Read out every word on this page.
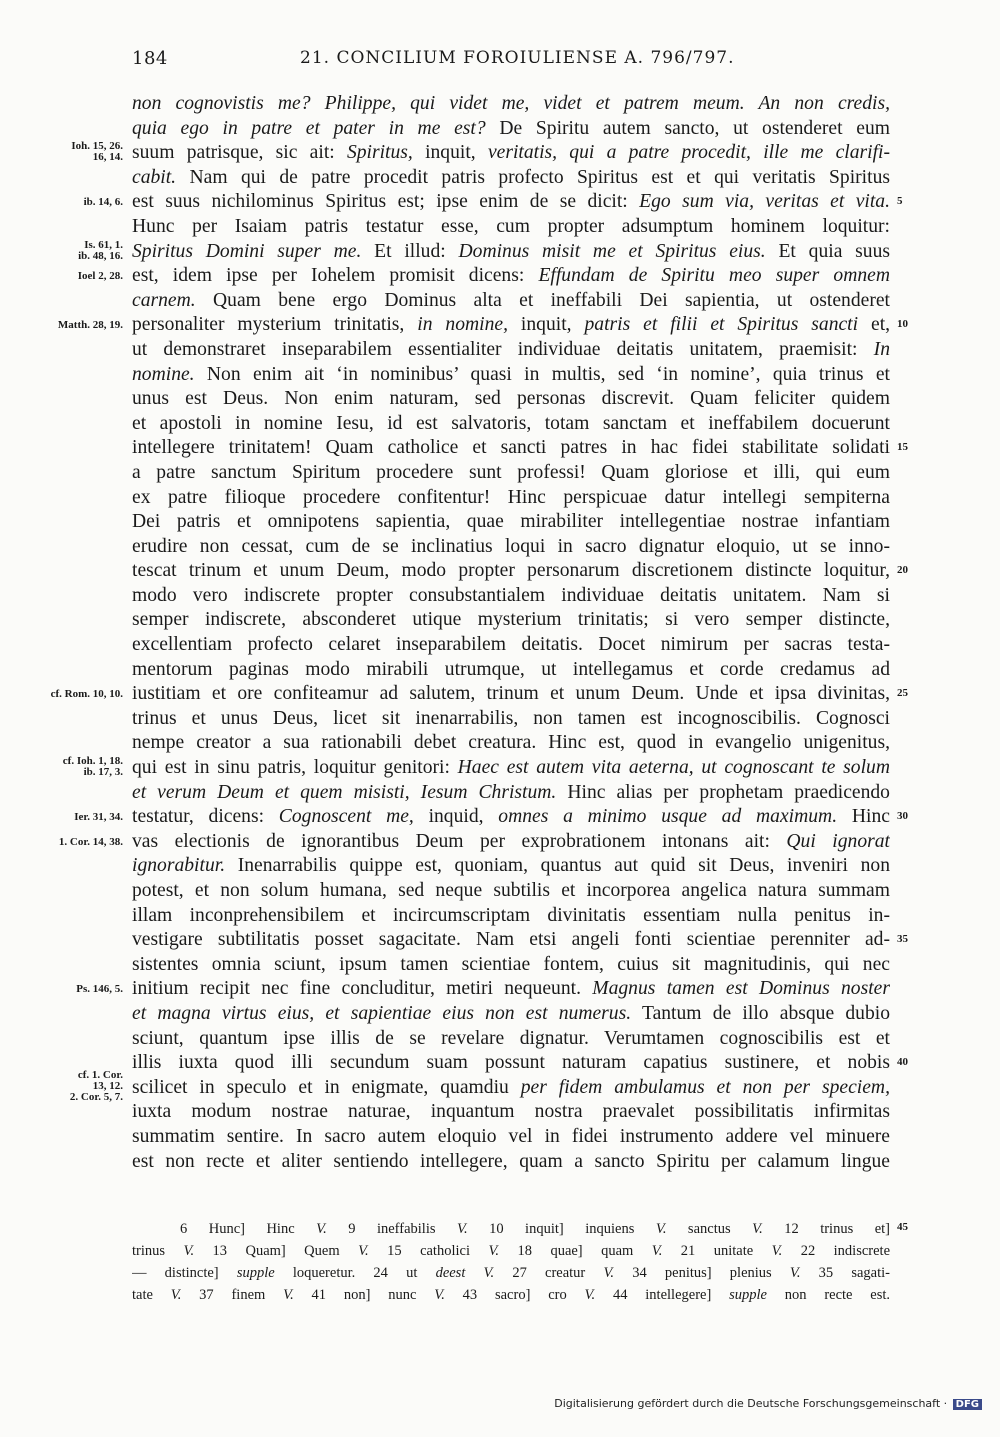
184	21. CONCILIUM FOROIULIENSE A. 796/797.
non cognovistis me? Philippe, qui videt me, videt et patrem meum. An non credis,
quia ego in patre et pater in me est? De Spiritu autem sancto, ut ostenderet eum
Ioh. 15, 26.
16, 14. suum patrisque, sic ait: Spiritus, inquit, veritatis, qui a patre procedit, ille me clarifi-
cabit. Nam qui de patre procedit patris profecto Spiritus est et qui veritatis Spiritus
ib. 14, 6. est suus nichilominus Spiritus est; ipse enim de se dicit: Ego sum via, veritas et vita. 5
Hunc per Isaiam patris testatur esse, cum propter adsumptum hominem loquitur:
Is. 61, 1.
ib. 48, 16. Spiritus Domini super me. Et illud: Dominus misit me et Spiritus eius. Et quia suus
Ioel 2, 28. est, idem ipse per Iohelem promisit dicens: Effundam de Spiritu meo super omnem
carnem. Quam bene ergo Dominus alta et ineffabili Dei sapientia, ut ostenderet
Matth. 28, 19. personaliter mysterium trinitatis, in nomine, inquit, patris et filii et Spiritus sancti et, 10
ut demonstraret inseparabilem essentialiter individuae deitatis unitatem, praemisit: In
nomine. Non enim ait ‘in nominibus’ quasi in multis, sed ‘in nomine’, quia trinus et
unus est Deus. Non enim naturam, sed personas discrevit. Quam feliciter quidem
et apostoli in nomine Iesu, id est salvatoris, totam sanctam et ineffabilem docuerunt
intellegere trinitatem! Quam catholice et sancti patres in hac fidei stabilitate solidati 15
a patre sanctum Spiritum procedere sunt professi! Quam gloriose et illi, qui eum
ex patre filioque procedere confitentur! Hinc perspicuae datur intellegi sempiterna
Dei patris et omnipotens sapientia, quae mirabiliter intellegentiae nostrae infantiam
erudire non cessat, cum de se inclinatius loqui in sacro dignatur eloquio, ut se inno-
tescat trinum et unum Deum, modo propter personarum discretionem distincte loquitur, 20
modo vero indiscrete propter consubstantialem individuae deitatis unitatem. Nam si
semper indiscrete, absconderet utique mysterium trinitatis; si vero semper distincte,
excellentiam profecto celaret inseparabilem deitatis. Docet nimirum per sacras testa-
mentorum paginas modo mirabili utrumque, ut intellegamus et corde credamus ad
cf. Rom. 10, 10. iustitiam et ore confiteamur ad salutem, trinum et unum Deum. Unde et ipsa divinitas, 25
trinus et unus Deus, licet sit inenarrabilis, non tamen est incognoscibilis. Cognosci
nempe creator a sua rationabili debet creatura. Hinc est, quod in evangelio unigenitus,
cf. Ioh. 1, 18.
ib. 17, 3. qui est in sinu patris, loquitur genitori: Haec est autem vita aeterna, ut cognoscant te solum
et verum Deum et quem misisti, Iesum Christum. Hinc alias per prophetam praedicendo
Ier. 31, 34. testatur, dicens: Cognoscent me, inquid, omnes a minimo usque ad maximum. Hinc 30
1. Cor. 14, 38. vas electionis de ignorantibus Deum per exprobrationem intonans ait: Qui ignorat
ignorabitur. Inenarrabilis quippe est, quoniam, quantus aut quid sit Deus, inveniri non
potest, et non solum humana, sed neque subtilis et incorporea angelica natura summam
illam inconprehensibilem et incircumscriptam divinitatis essentiam nulla penitus in-
vestigare subtilitatis posset sagacitate. Nam etsi angeli fonti scientiae perenniter ad- 35
sistentes omnia sciunt, ipsum tamen scientiae fontem, cuius sit magnitudinis, qui nec
Ps. 146, 5. initium recipit nec fine concluditur, metiri nequeunt. Magnus tamen est Dominus noster
et magna virtus eius, et sapientiae eius non est numerus. Tantum de illo absque dubio
sciunt, quantum ipse illis de se revelare dignatur. Verumtamen cognoscibilis est et
illis iuxta quod illi secundum suam possunt naturam capatius sustinere, et nobis 40
cf. 1. Cor.
13, 12.
2. Cor. 5, 7. scilicet in speculo et in enigmate, quamdiu per fidem ambulamus et non per speciem,
iuxta modum nostrae naturae, inquantum nostra praevalet possibilitatis infirmitas
summatim sentire. In sacro autem eloquio vel in fidei instrumento addere vel minuere
est non recte et aliter sentiendo intellegere, quam a sancto Spiritu per calamum lingue
6 Hunc] Hinc V. 9 ineffabilis V. 10 inquit] inquiens V. sanctus V. 12 trinus et] 45
trinus V. 13 Quam] Quem V. 15 catholici V. 18 quae] quam V. 21 unitate V. 22 indiscrete
— distincte] supple loqueretur. 24 ut deest V. 27 creatur V. 34 penitus] plenius V. 35 sagati-
tate V. 37 finem V. 41 non] nunc V. 43 sacro] cro V. 44 intellegere] supple non recte est.
Digitalisierung gefördert durch die Deutsche Forschungsgemeinschaft · DFG
